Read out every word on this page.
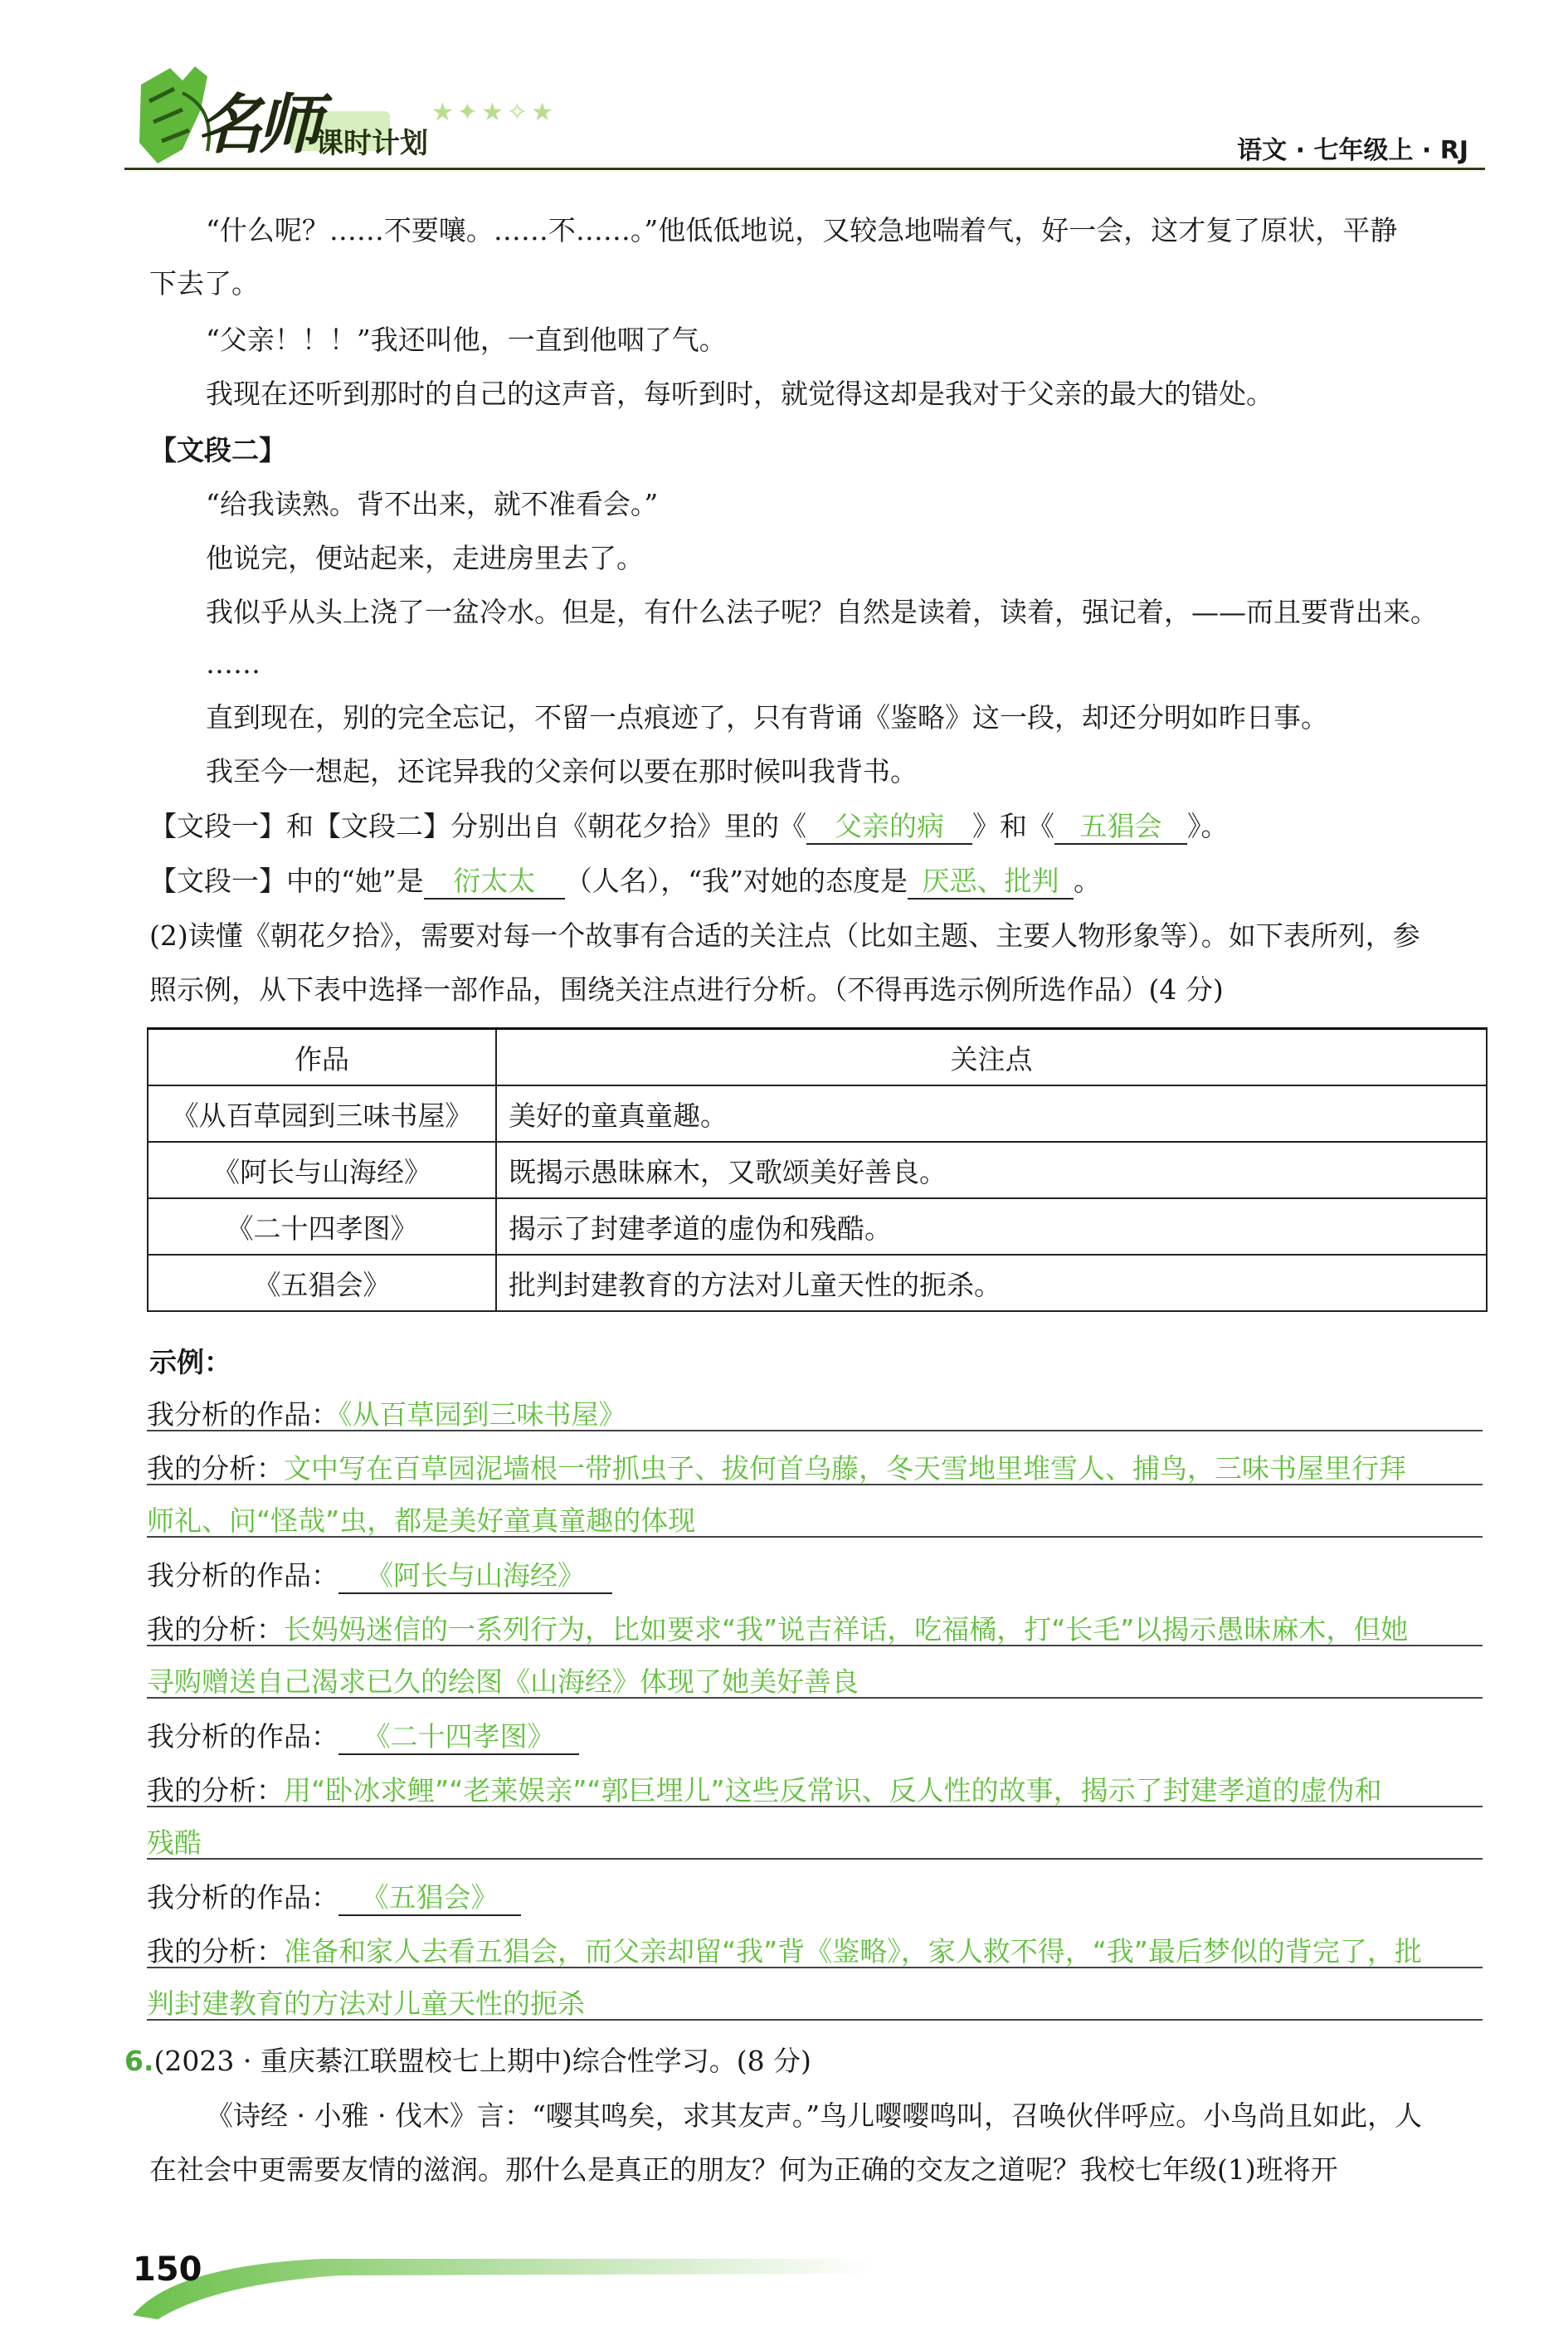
名师
课时计划
★✦★✧★
语文 · 七年级上 · RJ
“什么呢？……不要嚷。……不……。”他低低地说，又较急地喘着气，好一会，这才复了原状，平静
下去了。
“父亲！！！”我还叫他，一直到他咽了气。
我现在还听到那时的自己的这声音，每听到时，就觉得这却是我对于父亲的最大的错处。
【文段二】
“给我读熟。背不出来，就不准看会。”
他说完，便站起来，走进房里去了。
我似乎从头上浇了一盆冷水。但是，有什么法子呢？自然是读着，读着，强记着，——而且要背出来。
……
直到现在，别的完全忘记，不留一点痕迹了，只有背诵《鉴略》这一段，却还分明如昨日事。
我至今一想起，还诧异我的父亲何以要在那时候叫我背书。
【文段一】和【文段二】分别出自《朝花夕拾》里的《 父亲的病 》和《 五猖会 》。
【文段一】中的“她”是 衍太太 （人名），“我”对她的态度是 厌恶、批判 。
(2)读懂《朝花夕拾》，需要对每一个故事有合适的关注点（比如主题、主要人物形象等）。如下表所列，参
照示例，从下表中选择一部作品，围绕关注点进行分析。（不得再选示例所选作品）(4 分)
作品	关注点
《从百草园到三味书屋》	美好的童真童趣。
《阿长与山海经》	既揭示愚昧麻木，又歌颂美好善良。
《二十四孝图》	揭示了封建孝道的虚伪和残酷。
《五猖会》	批判封建教育的方法对儿童天性的扼杀。
示例：
我分析的作品：《从百草园到三味书屋》
我的分析：文中写在百草园泥墙根一带抓虫子、拔何首乌藤，冬天雪地里堆雪人、捕鸟，三味书屋里行拜
师礼、问“怪哉”虫，都是美好童真童趣的体现
我分析的作品： 《阿长与山海经》
我的分析：长妈妈迷信的一系列行为，比如要求“我”说吉祥话，吃福橘，打“长毛”以揭示愚昧麻木，但她
寻购赠送自己渴求已久的绘图《山海经》体现了她美好善良
我分析的作品： 《二十四孝图》
我的分析：用“卧冰求鲤”“老莱娱亲”“郭巨埋儿”这些反常识、反人性的故事，揭示了封建孝道的虚伪和
残酷
我分析的作品： 《五猖会》
我的分析：准备和家人去看五猖会，而父亲却留“我”背《鉴略》，家人救不得，“我”最后梦似的背完了，批
判封建教育的方法对儿童天性的扼杀
6.(2023 · 重庆綦江联盟校七上期中)综合性学习。(8 分)
《诗经 · 小雅 · 伐木》言：“嘤其鸣矣，求其友声。”鸟儿嘤嘤鸣叫，召唤伙伴呼应。小鸟尚且如此，人
在社会中更需要友情的滋润。那什么是真正的朋友？何为正确的交友之道呢？我校七年级(1)班将开
150
